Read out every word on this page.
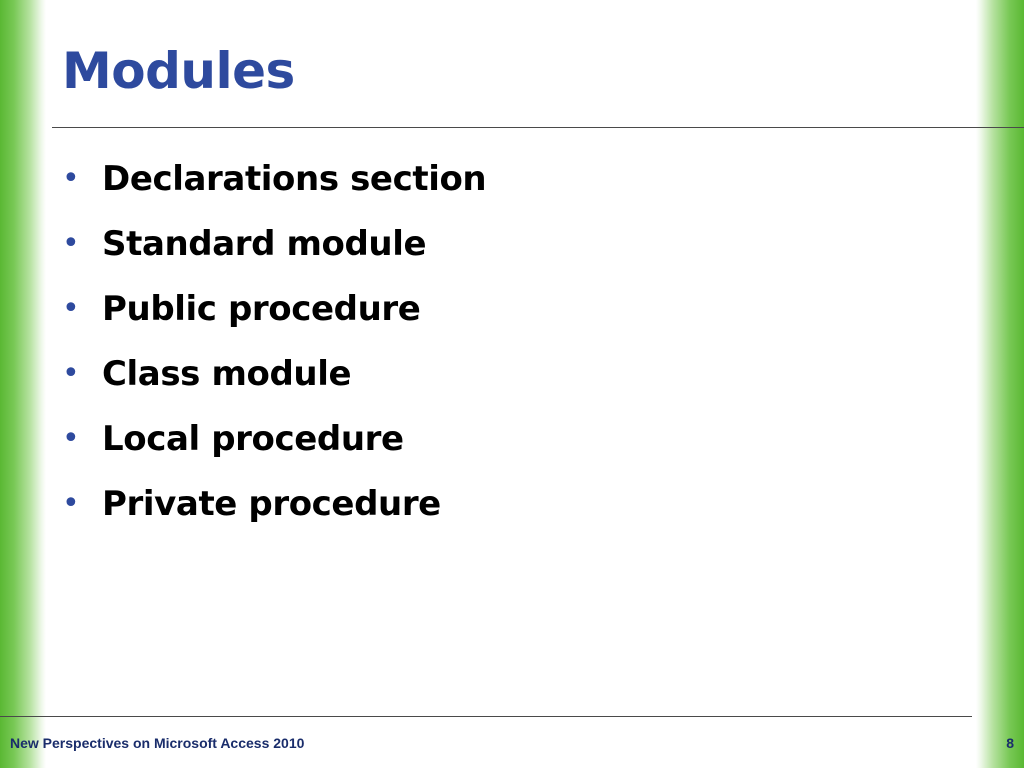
Modules
• Declarations section
• Standard module
• Public procedure
• Class module
• Local procedure
• Private procedure
New Perspectives on Microsoft Access 2010	8
